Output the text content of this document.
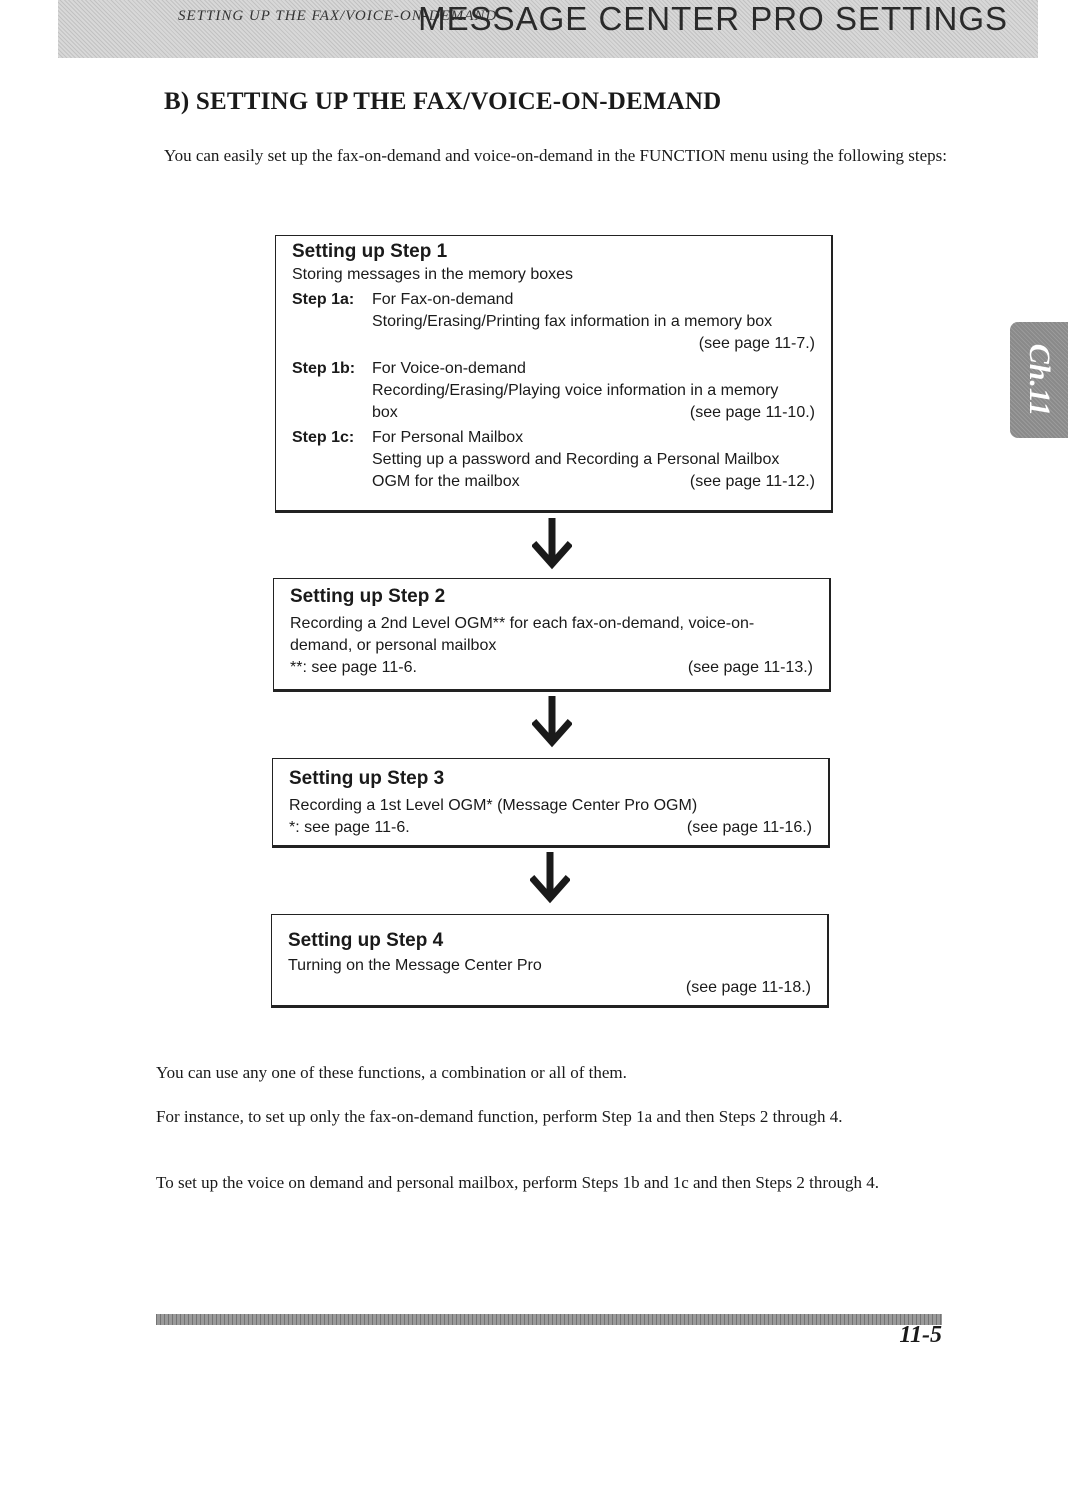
SETTING UP THE FAX/VOICE-ON-DEMAND
MESSAGE CENTER PRO SETTINGS
Ch.11
B) SETTING UP THE FAX/VOICE-ON-DEMAND
You can easily set up the fax-on-demand and voice-on-demand in the FUNCTION menu using the following steps:
Setting up Step 1
Storing messages in the memory boxes
Step 1a:	For Fax-on-demand
Storing/Erasing/Printing fax information in a memory box
(see page 11-7.)
Step 1b:	For Voice-on-demand
Recording/Erasing/Playing voice information in a memory
box	(see page 11-10.)
Step 1c:	For Personal Mailbox
Setting up a password and Recording a Personal Mailbox
OGM for the mailbox	(see page 11-12.)
Setting up Step 2
Recording a 2nd Level OGM** for each fax-on-demand, voice-on-
demand, or personal mailbox
**: see page 11-6.	(see page 11-13.)
Setting up Step 3
Recording a 1st Level OGM* (Message Center Pro OGM)
*: see page 11-6.	(see page 11-16.)
Setting up Step 4
Turning on the Message Center Pro
(see page 11-18.)
You can use any one of these functions, a combination or all of them.
For instance, to set up only the fax-on-demand function, perform Step 1a and then Steps 2 through 4.
To set up the voice on demand and personal mailbox, perform Steps 1b and 1c and then Steps 2 through 4.
11-5
